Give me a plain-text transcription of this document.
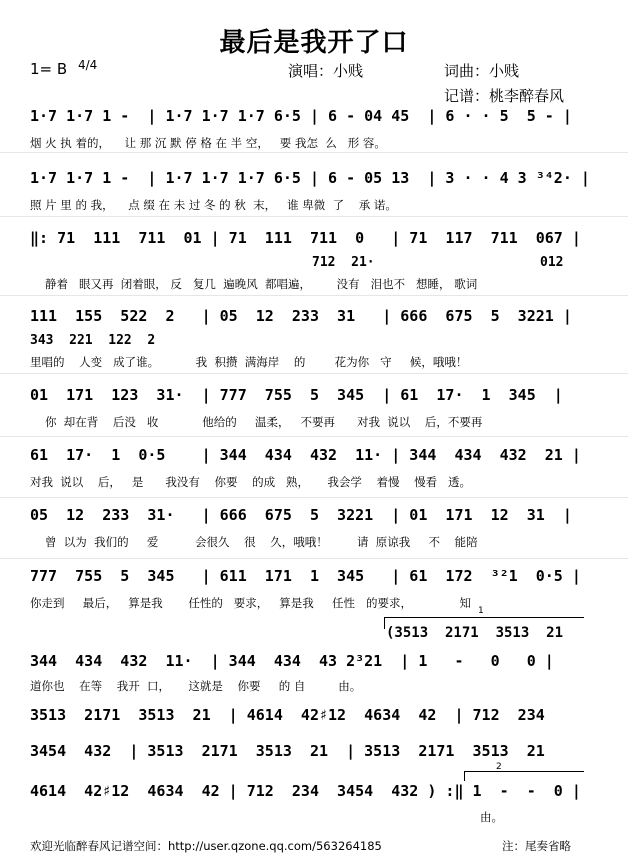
最后是我开了口
1= B 4/4	演唱：小贱	词曲：小贱
记谱：桃李醉春风
1·7 1·7 1 -  | 1·7 1·7 1·7 6·5 | 6 - 04 45  | 6 · · 5  5 - |
烟 火 执 着的，    让 那 沉 默 停 格 在 半 空，   要 我怎  么   形 容。
1·7 1·7 1 -  | 1·7 1·7 1·7 6·5 | 6 - 05 13  | 3 · · 4 3 ³⁴2· |
照 片 里 的 我，    点 缀 在 未 过 冬 的 秋  末，   谁 卑微  了    承 诺。
‖: 71  111  711  01 | 71  111  711  0   | 71  117  711  067 |
712  21·	012
静着   眼又再  闭着眼， 反   复几  遍晚风  都唱遍，       没有   泪也不   想睡， 歌词
111  155  522  2   | 05  12  233  31   | 666  675  5  3221 |
343  221  122  2
里唱的    人变   成了谁。          我  积攒  满海岸    的        花为你   守     候，哦哦！
01  171  123  31·  | 777  755  5  345  | 61  17·  1  345  |
你  却在背    后没   收            他给的     温柔，   不要再      对我  说以    后，不要再
61  17·  1  0·5    | 344  434  432  11· | 344  434  432  21 |
对我  说以    后，   是      我没有    你要    的成   熟，     我会学    着慢    慢看   透。
05  12  233  31·   | 666  675  5  3221  | 01  171  12  31  |
曾  以为  我们的     爱          会很久    很    久，哦哦！        请  原谅我     不    能陪
777  755  5  345   | 611  171  1  345   | 61  172  ³²1  0·5 |
你走到     最后，   算是我       任性的   要求，   算是我     任性   的要求，             知
1
(3513  2171  3513  21
344  434  432  11·  | 344  434  43 2³21  | 1   -   0   0 |
道你也    在等    我开  口，     这就是    你要     的 自         由。
3513  2171  3513  21  | 4614  42♯12  4634  42  | 712  234
3454  432  | 3513  2171  3513  21  | 3513  2171  3513  21
2
4614  42♯12  4634  42 | 712  234  3454  432 ) :‖ 1  -  -  0 |
由。
欢迎光临醉春风记谱空间：http://user.qzone.qq.com/563264185	注：尾奏省略
